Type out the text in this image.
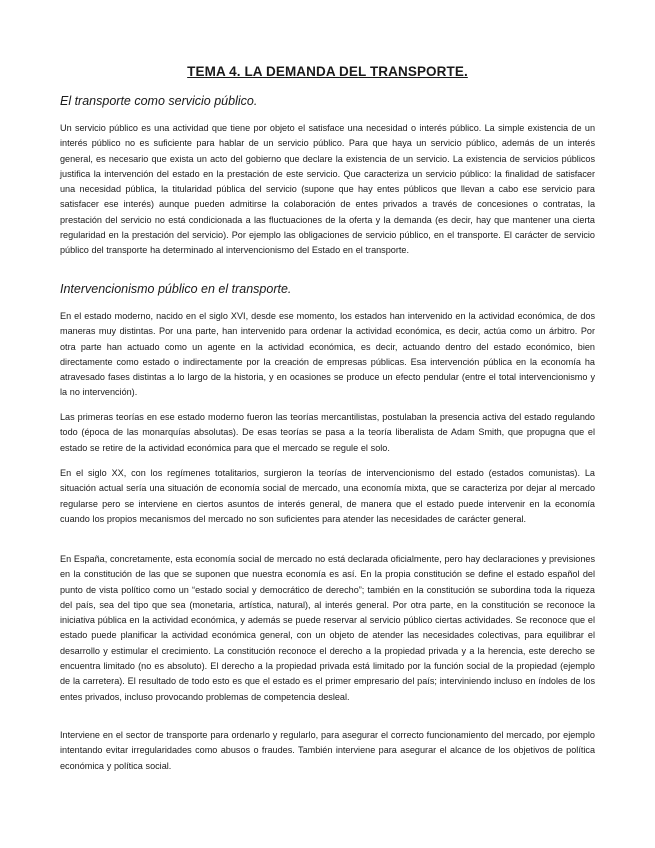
TEMA 4. LA DEMANDA DEL TRANSPORTE.
El transporte como servicio público.
Un servicio público es una actividad que tiene por objeto el satisface una necesidad o interés público. La simple existencia de un interés público no es suficiente para hablar de un servicio público. Para que haya un servicio público, además de un interés general, es necesario que exista un acto del gobierno que declare la existencia de un servicio. La existencia de servicios públicos justifica la intervención del estado en la prestación de este servicio. Que caracteriza un servicio público: la finalidad de satisfacer una necesidad pública, la titularidad pública del servicio (supone que hay entes públicos que llevan a cabo ese servicio para satisfacer ese interés) aunque pueden admitirse la colaboración de entes privados a través de concesiones o contratas, la prestación del servicio no está condicionada a las fluctuaciones de la oferta y la demanda (es decir, hay que mantener una cierta regularidad en la prestación del servicio). Por ejemplo las obligaciones de servicio público, en el transporte. El carácter de servicio público del transporte ha determinado al intervencionismo del Estado en el transporte.
Intervencionismo público en el transporte.
En el estado moderno, nacido en el siglo XVI, desde ese momento, los estados han intervenido en la actividad económica, de dos maneras muy distintas. Por una parte, han intervenido para ordenar la actividad económica, es decir, actúa como un árbitro. Por otra parte han actuado como un agente en la actividad económica, es decir, actuando dentro del estado económico, bien directamente como estado o indirectamente por la creación de empresas públicas. Esa intervención pública en la economía ha atravesado fases distintas a lo largo de la historia, y en ocasiones se produce un efecto pendular (entre el total intervencionismo y la no intervención).
Las primeras teorías en ese estado moderno fueron las teorías mercantilistas, postulaban la presencia activa del estado regulando todo (época de las monarquías absolutas). De esas teorías se pasa a la teoría liberalista de Adam Smith, que propugna que el estado se retire de la actividad económica para que el mercado se regule el solo.
En el siglo XX, con los regímenes totalitarios, surgieron la teorías de intervencionismo del estado (estados comunistas). La situación actual sería una situación de economía social de mercado, una economía mixta, que se caracteriza por dejar al mercado regularse pero se interviene en ciertos asuntos de interés general, de manera que el estado puede intervenir en la economía cuando los propios mecanismos del mercado no son suficientes para atender las necesidades de carácter general.
En España, concretamente, esta economía social de mercado no está declarada oficialmente, pero hay declaraciones y previsiones en la constitución de las que se suponen que nuestra economía es así. En la propia constitución se define el estado español del punto de vista político como un “estado social y democrático de derecho”; también en la constitución se subordina toda la riqueza del país, sea del tipo que sea (monetaria, artística, natural), al interés general. Por otra parte, en la constitución se reconoce la iniciativa pública en la actividad económica, y además se puede reservar al servicio público ciertas actividades. Se reconoce que el estado puede planificar la actividad económica general, con un objeto de atender las necesidades colectivas, para equilibrar el desarrollo y estimular el crecimiento. La constitución reconoce el derecho a la propiedad privada y a la herencia, este derecho se encuentra limitado (no es absoluto). El derecho a la propiedad privada está limitado por la función social de la propiedad (ejemplo de la carretera). El resultado de todo esto es que el estado es el primer empresario del país; interviniendo incluso en índoles de los entes privados, incluso provocando problemas de competencia desleal.
Interviene en el sector de transporte para ordenarlo y regularlo, para asegurar el correcto funcionamiento del mercado, por ejemplo intentando evitar irregularidades como abusos o fraudes. También interviene para asegurar el alcance de los objetivos de política económica y política social.
